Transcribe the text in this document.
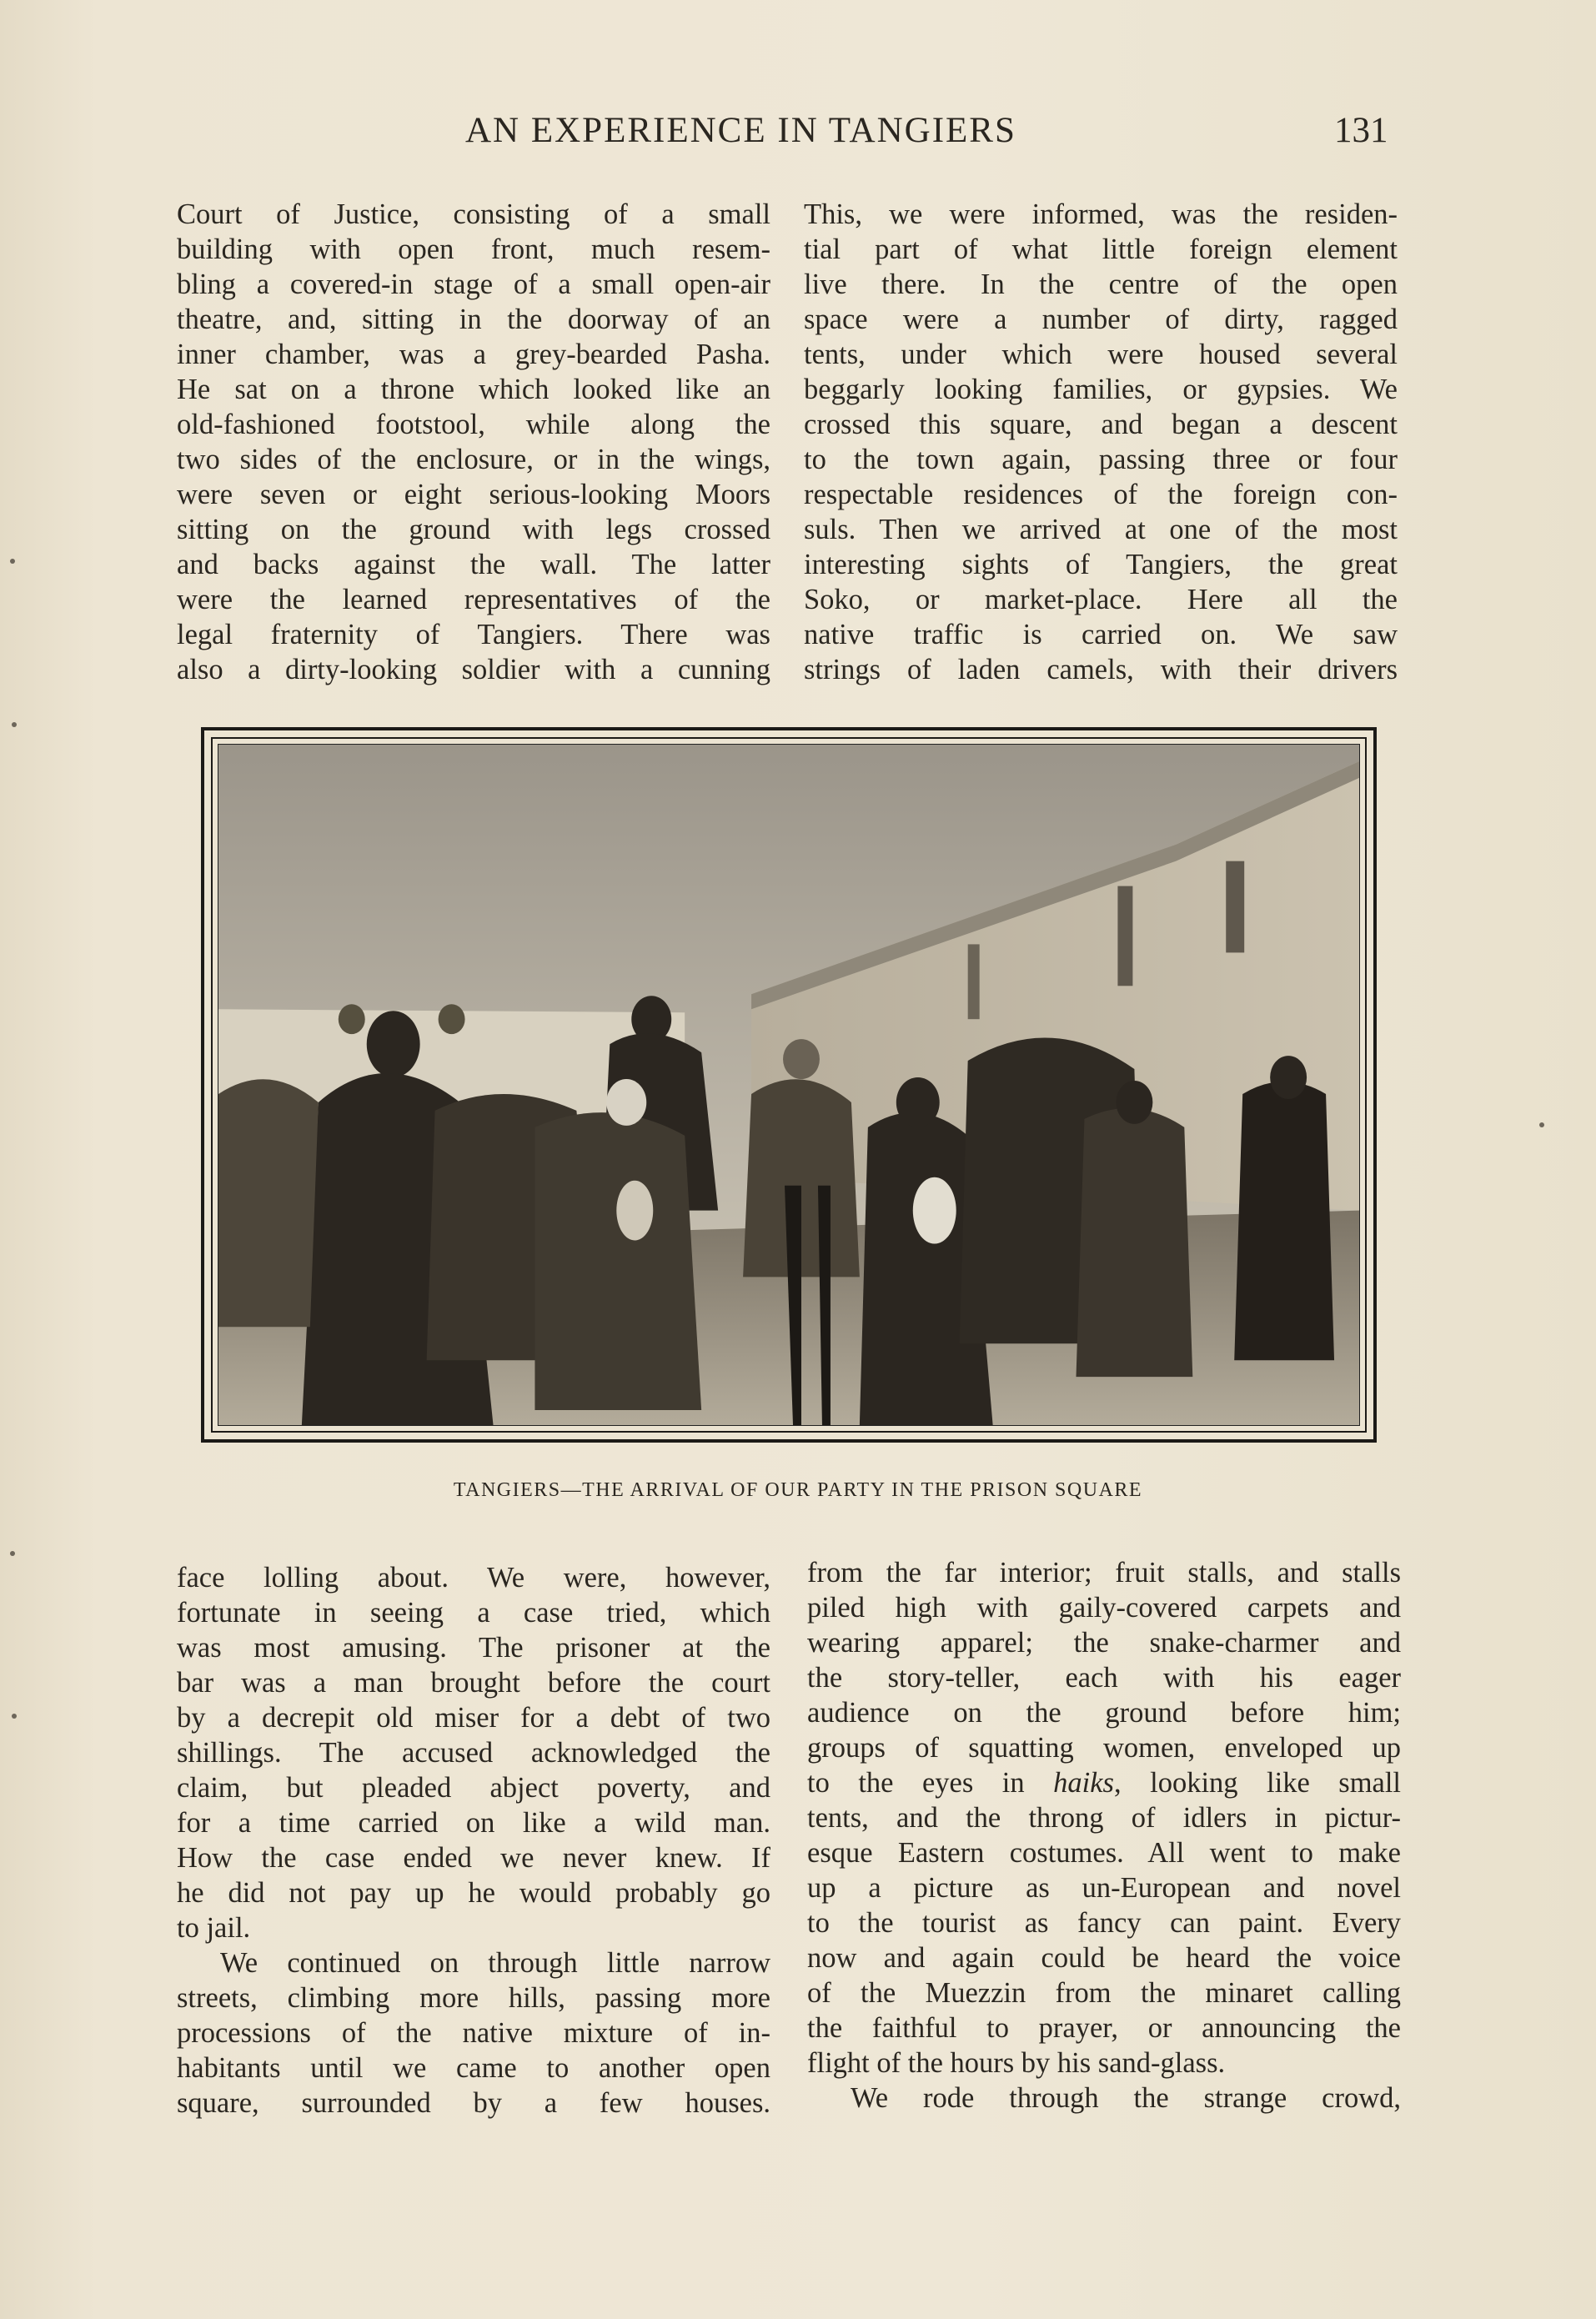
AN EXPERIENCE IN TANGIERS	131
Court of Justice, consisting of a small
building with open front, much resem-
bling a covered-in stage of a small open-air
theatre, and, sitting in the doorway of an
inner chamber, was a grey-bearded Pasha.
He sat on a throne which looked like an
old-fashioned footstool, while along the
two sides of the enclosure, or in the wings,
were seven or eight serious-looking Moors
sitting on the ground with legs crossed
and backs against the wall. The latter
were the learned representatives of the
legal fraternity of Tangiers. There was
also a dirty-looking soldier with a cunning
This, we were informed, was the residen-
tial part of what little foreign element
live there. In the centre of the open
space were a number of dirty, ragged
tents, under which were housed several
beggarly looking families, or gypsies. We
crossed this square, and began a descent
to the town again, passing three or four
respectable residences of the foreign con-
suls. Then we arrived at one of the most
interesting sights of Tangiers, the great
Soko, or market-place. Here all the
native traffic is carried on. We saw
strings of laden camels, with their drivers
TANGIERS—THE ARRIVAL OF OUR PARTY IN THE PRISON SQUARE
face lolling about. We were, however,
fortunate in seeing a case tried, which
was most amusing. The prisoner at the
bar was a man brought before the court
by a decrepit old miser for a debt of two
shillings. The accused acknowledged the
claim, but pleaded abject poverty, and
for a time carried on like a wild man.
How the case ended we never knew. If
he did not pay up he would probably go
to jail.
We continued on through little narrow
streets, climbing more hills, passing more
processions of the native mixture of in-
habitants until we came to another open
square, surrounded by a few houses.
from the far interior; fruit stalls, and stalls
piled high with gaily-covered carpets and
wearing apparel; the snake-charmer and
the story-teller, each with his eager
audience on the ground before him;
groups of squatting women, enveloped up
to the eyes in haiks, looking like small
tents, and the throng of idlers in pictur-
esque Eastern costumes. All went to make
up a picture as un-European and novel
to the tourist as fancy can paint. Every
now and again could be heard the voice
of the Muezzin from the minaret calling
the faithful to prayer, or announcing the
flight of the hours by his sand-glass.
We rode through the strange crowd,
